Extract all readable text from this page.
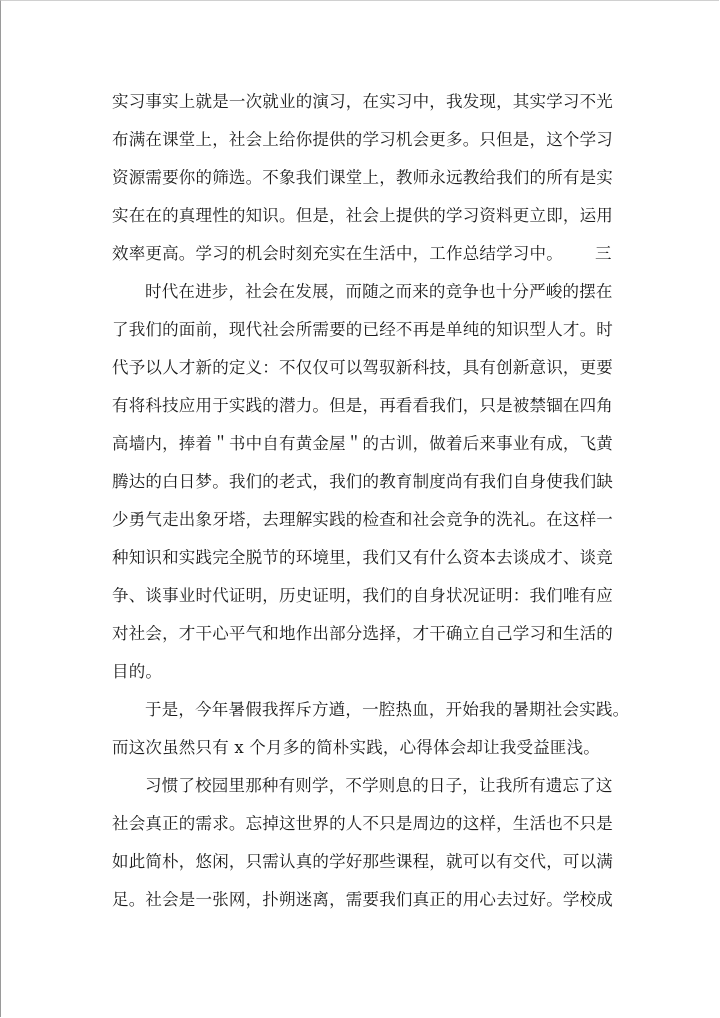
实习事实上就是一次就业的演习，在实习中，我发现，其实学习不光
布满在课堂上，社会上给你提供的学习机会更多。只但是，这个学习
资源需要你的筛选。不象我们课堂上，教师永远教给我们的所有是实
实在在的真理性的知识。但是，社会上提供的学习资料更立即，运用
效率更高。学习的机会时刻充实在生活中，工作总结学习中。 三
时代在进步，社会在发展，而随之而来的竞争也十分严峻的摆在
了我们的面前，现代社会所需要的已经不再是单纯的知识型人才。时
代予以人才新的定义：不仅仅可以驾驭新科技，具有创新意识，更要
有将科技应用于实践的潜力。但是，再看看我们，只是被禁锢在四角
高墙内，捧着＂书中自有黄金屋＂的古训，做着后来事业有成，飞黄
腾达的白日梦。我们的老式，我们的教育制度尚有我们自身使我们缺
少勇气走出象牙塔，去理解实践的检查和社会竞争的洗礼。在这样一
种知识和实践完全脱节的环境里，我们又有什么资本去谈成才、谈竞
争、谈事业时代证明，历史证明，我们的自身状况证明：我们唯有应
对社会，才干心平气和地作出部分选择，才干确立自己学习和生活的
目的。
于是，今年暑假我挥斥方遒，一腔热血，开始我的暑期社会实践。
而这次虽然只有 x 个月多的简朴实践，心得体会却让我受益匪浅。
习惯了校园里那种有则学，不学则息的日子，让我所有遗忘了这
社会真正的需求。忘掉这世界的人不只是周边的这样，生活也不只是
如此简朴，悠闲，只需认真的学好那些课程，就可以有交代，可以满
足。社会是一张网，扑朔迷离，需要我们真正的用心去过好。学校成
